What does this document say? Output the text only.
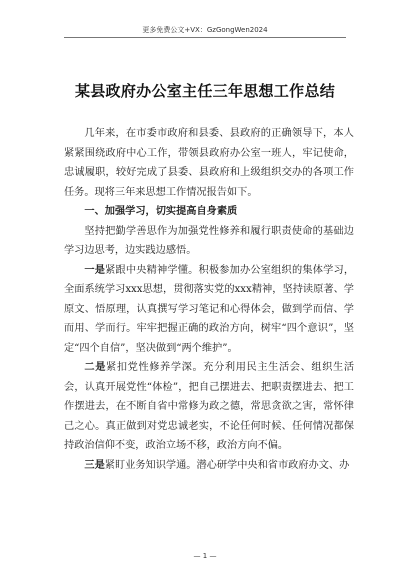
更多免费公文+VX：GzGongWen2024
某县政府办公室主任三年思想工作总结

几年来，在市委市政府和县委、县政府的正确领导下，本人紧紧围绕政府中心工作，带领县政府办公室一班人，牢记使命，忠诚履职，较好完成了县委、县政府和上级组织交办的各项工作任务。现将三年来思想工作情况报告如下。

一、加强学习，切实提高自身素质

坚持把勤学善思作为加强党性修养和履行职责使命的基础边学习边思考，边实践边感悟。

一是紧跟中央精神学懂。积极参加办公室组织的集体学习，全面系统学习xxx思想，贯彻落实党的xxx精神，坚持读原著、学原文、悟原理，认真撰写学习笔记和心得体会，做到学而信、学而用、学而行。牢牢把握正确的政治方向，树牢“四个意识”，坚定“四个自信”，坚决做到“两个维护”。

二是紧扣党性修养学深。充分利用民主生活会、组织生活会，认真开展党性“体检”，把自己摆进去、把职责摆进去、把工作摆进去，在不断自省中常修为政之德，常思贪欲之害，常怀律己之心。真正做到对党忠诚老实，不论任何时候、任何情况都保持政治信仰不变，政治立场不移，政治方向不偏。

三是紧盯业务知识学通。潜心研学中央和省市政府办文、办

— 1 —
